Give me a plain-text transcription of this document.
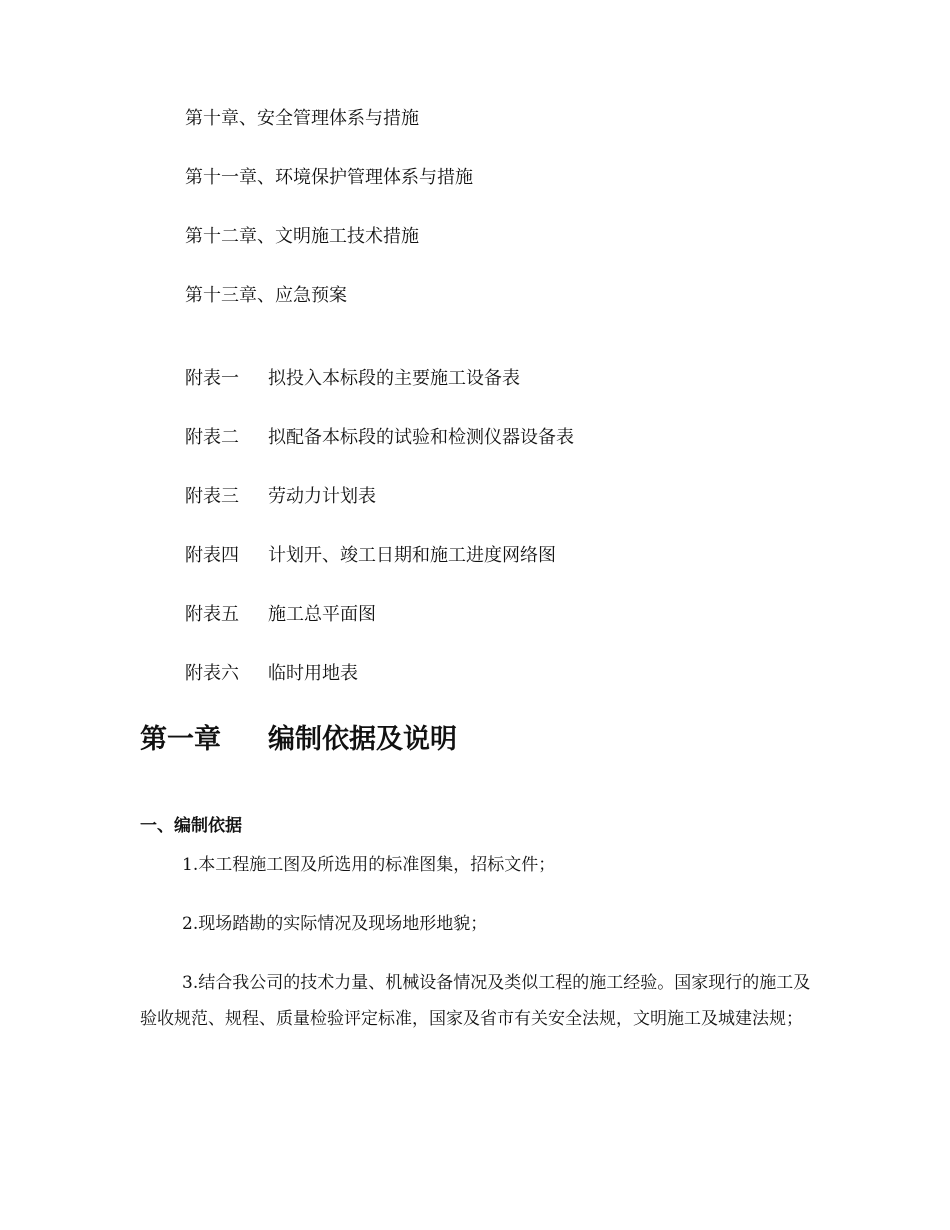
第十章、安全管理体系与措施
第十一章、环境保护管理体系与措施
第十二章、文明施工技术措施
第十三章、应急预案
附表一 拟投入本标段的主要施工设备表
附表二 拟配备本标段的试验和检测仪器设备表
附表三 劳动力计划表
附表四 计划开、竣工日期和施工进度网络图
附表五 施工总平面图
附表六 临时用地表
第一章 编制依据及说明
一、编制依据
1.本工程施工图及所选用的标准图集，招标文件；
2.现场踏勘的实际情况及现场地形地貌；
3.结合我公司的技术力量、机械设备情况及类似工程的施工经验。国家现行的施工及验收规范、规程、质量检验评定标准，国家及省市有关安全法规，文明施工及城建法规；
